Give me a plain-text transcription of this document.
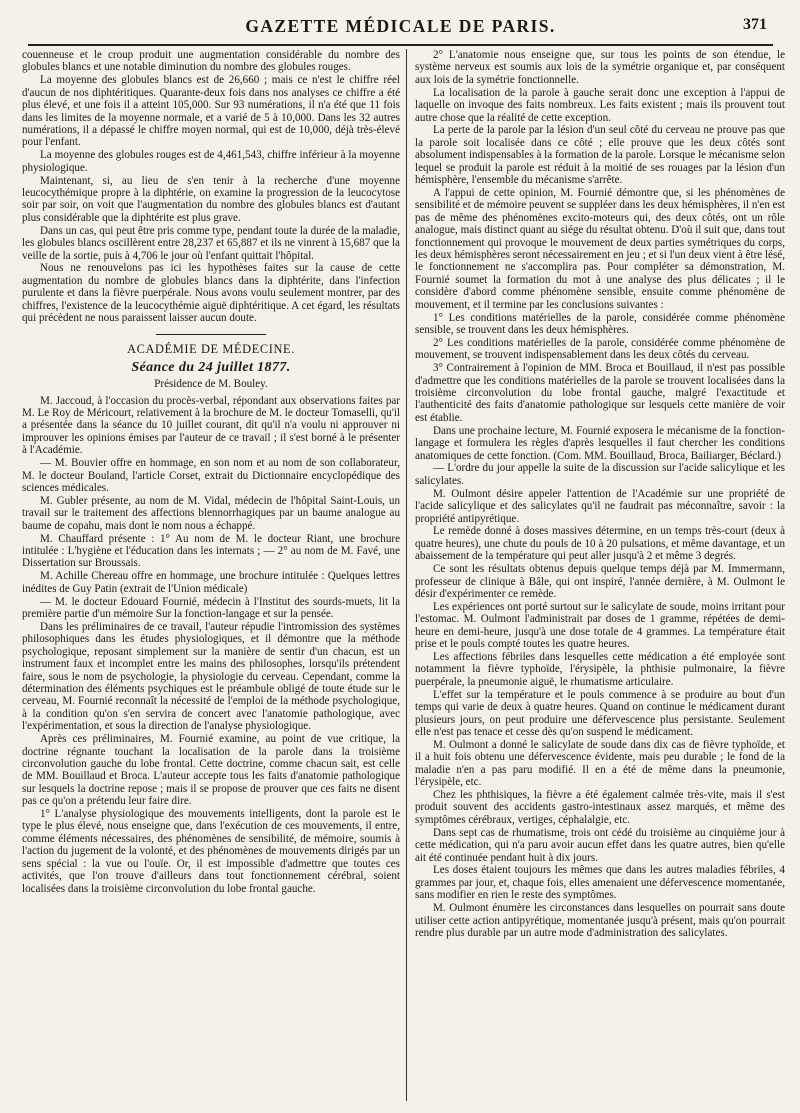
GAZETTE MÉDICALE DE PARIS.	371

couenneuse et le croup produit une augmentation considérable du nombre des globules blancs et une notable diminution du nombre des globules rouges.

La moyenne des globules blancs est de 26,660 ; mais ce n'est le chiffre réel d'aucun de nos diphtéritiques. Quarante-deux fois dans nos analyses ce chiffre a été plus élevé, et une fois il a atteint 105,000. Sur 93 numérations, il n'a été que 11 fois dans les limites de la moyenne normale, et a varié de 5 à 10,000. Dans les 32 autres numérations, il a dépassé le chiffre moyen normal, qui est de 10,000, déjà très-élevé pour l'enfant.

La moyenne des globules rouges est de 4,461,543, chiffre inférieur à la moyenne physiologique.

Maintenant, si, au lieu de s'en tenir à la recherche d'une moyenne leucocythémique propre à la diphtérie, on examine la progression de la leucocytose soir par soir, on voit que l'augmentation du nombre des globules blancs est d'autant plus considérable que la diphtérite est plus grave.

Dans un cas, qui peut être pris comme type, pendant toute la durée de la maladie, les globules blancs oscillèrent entre 28,237 et 65,887 et ils ne vinrent à 15,687 que la veille de la sortie, puis à 4,706 le jour où l'enfant quittait l'hôpital.

Nous ne renouvelons pas ici les hypothèses faites sur la cause de cette augmentation du nombre de globules blancs dans la diphtérite, dans l'infection purulente et dans la fièvre puerpérale. Nous avons voulu seulement montrer, par des chiffres, l'existence de la leucocythémie aiguë diphtéritique. A cet égard, les résultats qui précèdent ne nous paraissent laisser aucun doute.

ACADÉMIE DE MÉDECINE.
Séance du 24 juillet 1877.
Présidence de M. Bouley.

M. Jaccoud, à l'occasion du procès-verbal, répondant aux observations faites par M. Le Roy de Méricourt, relativement à la brochure de M. le docteur Tomaselli, qu'il a présentée dans la séance du 10 juillet courant, dit qu'il n'a voulu ni approuver ni improuver les opinions émises par l'auteur de ce travail ; il s'est borné à le présenter à l'Académie.

— M. Bouvier offre en hommage, en son nom et au nom de son collaborateur, M. le docteur Bouland, l'article Corset, extrait du Dictionnaire encyclopédique des sciences médicales.

M. Gubler présente, au nom de M. Vidal, médecin de l'hôpital Saint-Louis, un travail sur le traitement des affections blennorrhagiques par un baume analogue au baume de copahu, mais dont le nom nous a échappé.

M. Chauffard présente : 1° Au nom de M. le docteur Riant, une brochure intitulée : L'hygiène et l'éducation dans les internats ; — 2° au nom de M. Favé, une Dissertation sur Broussais.

M. Achille Chereau offre en hommage, une brochure intitulée : Quelques lettres inédites de Guy Patin (extrait de l'Union médicale)

— M. le docteur Edouard Fournié, médecin à l'Institut des sourds-muets, lit la première partie d'un mémoire Sur la fonction-langage et sur la pensée.

Dans les préliminaires de ce travail, l'auteur répudie l'intromission des systèmes philosophiques dans les études physiologiques, et il démontre que la méthode psychologique, reposant simplement sur la manière de sentir d'un chacun, est un instrument faux et incomplet entre les mains des philosophes, lorsqu'ils prétendent faire, sous le nom de psychologie, la physiologie du cerveau. Cependant, comme la détermination des éléments psychiques est le préambule obligé de toute étude sur le cerveau, M. Fournié reconnaît la nécessité de l'emploi de la méthode psychologique, à la condition qu'on s'en servira de concert avec l'anatomie pathologique, avec l'expérimentation, et sous la direction de l'analyse physiologique.

Après ces préliminaires, M. Fournié examine, au point de vue critique, la doctrine régnante touchant la localisation de la parole dans la troisième circonvolution gauche du lobe frontal. Cette doctrine, comme chacun sait, est celle de MM. Bouillaud et Broca. L'auteur accepte tous les faits d'anatomie pathologique sur lesquels la doctrine repose ; mais il se propose de prouver que ces faits ne disent pas ce qu'on a prétendu leur faire dire.

1° L'analyse physiologique des mouvements intelligents, dont la parole est le type le plus élevé, nous enseigne que, dans l'exécution de ces mouvements, il entre, comme éléments nécessaires, des phénomènes de sensibilité, de mémoire, soumis à l'action du jugement de la volonté, et des phénomènes de mouvements dirigés par un sens spécial : la vue ou l'ouïe. Or, il est impossible d'admettre que toutes ces activités, que l'on trouve d'ailleurs dans tout fonctionnement cérébral, soient localisées dans la troisième circonvolution du lobe frontal gauche.

2° L'anatomie nous enseigne que, sur tous les points de son étendue, le système nerveux est soumis aux lois de la symétrie organique et, par conséquent aux lois de la symétrie fonctionnelle.

La localisation de la parole à gauche serait donc une exception à l'appui de laquelle on invoque des faits nombreux. Les faits existent ; mais ils prouvent tout autre chose que la réalité de cette exception.

La perte de la parole par la lésion d'un seul côté du cerveau ne prouve pas que la parole soit localisée dans ce côté ; elle prouve que les deux côtés sont absolument indispensables à la formation de la parole. Lorsque le mécanisme selon lequel se produit la parole est réduit à la moitié de ses rouages par la lésion d'un hémisphère, l'ensemble du mécanisme s'arrête.

A l'appui de cette opinion, M. Fournié démontre que, si les phénomènes de sensibilité et de mémoire peuvent se suppléer dans les deux hémisphères, il n'en est pas de même des phénomènes excito-moteurs qui, des deux côtés, ont un rôle analogue, mais distinct quant au siége du résultat obtenu. D'où il suit que, dans tout fonctionnement qui provoque le mouvement de deux parties symétriques du corps, les deux hémisphères seront nécessairement en jeu ; et si l'un deux vient à être lésé, le fonctionnement ne s'accomplira pas. Pour compléter sa démonstration, M. Fournié soumet la formation du mot à une analyse des plus délicates ; il le considère d'abord comme phénomène sensible, ensuite comme phénomène de mouvement, et il termine par les conclusions suivantes :

1° Les conditions matérielles de la parole, considérée comme phénomène sensible, se trouvent dans les deux hémisphères.

2° Les conditions matérielles de la parole, considérée comme phénomène de mouvement, se trouvent indispensablement dans les deux côtés du cerveau.

3° Contrairement à l'opinion de MM. Broca et Bouillaud, il n'est pas possible d'admettre que les conditions matérielles de la parole se trouvent localisées dans la troisième circonvolution du lobe frontal gauche, malgré l'exactitude et l'authenticité des faits d'anatomie pathologique sur lesquels cette manière de voir est établie.

Dans une prochaine lecture, M. Fournié exposera le mécanisme de la fonction-langage et formulera les règles d'après lesquelles il faut chercher les conditions anatomiques de cette fonction. (Com. MM. Bouillaud, Broca, Bailiarger, Béclard.)

— L'ordre du jour appelle la suite de la discussion sur l'acide salicylique et les salicylates.

M. Oulmont désire appeler l'attention de l'Académie sur une propriété de l'acide salicylique et des salicylates qu'il ne faudrait pas méconnaître, savoir : la propriété antipyrétique.

Le remède donné à doses massives détermine, en un temps très-court (deux à quatre heures), une chute du pouls de 10 à 20 pulsations, et même davantage, et un abaissement de la température qui peut aller jusqu'à 2 et même 3 degrés.

Ce sont les résultats obtenus depuis quelque temps déjà par M. Immermann, professeur de clinique à Bâle, qui ont inspiré, l'année dernière, à M. Oulmont le désir d'expérimenter ce remède.

Les expériences ont porté surtout sur le salicylate de soude, moins irritant pour l'estomac. M. Oulmont l'administrait par doses de 1 gramme, répétées de demi-heure en demi-heure, jusqu'à une dose totale de 4 grammes. La température était prise et le pouls compté toutes les quatre heures.

Les affections fébriles dans lesquelles cette médication a été employée sont notamment la fièvre typhoïde, l'érysipèle, la phthisie pulmonaire, la fièvre puerpérale, la pneumonie aiguë, le rhumatisme articulaire.

L'effet sur la température et le pouls commence à se produire au bout d'un temps qui varie de deux à quatre heures. Quand on continue le médicament durant plusieurs jours, on peut produire une défervescence plus persistante. Seulement elle n'est pas tenace et cesse dès qu'on suspend le médicament.

M. Oulmont a donné le salicylate de soude dans dix cas de fièvre typhoïde, et il a huit fois obtenu une défervescence évidente, mais peu durable ; le fond de la maladie n'en a pas paru modifié. Il en a été de même dans la pneumonie, l'érysipèle, etc.

Chez les phthisiques, la fièvre a été également calmée très-vite, mais il s'est produit souvent des accidents gastro-intestinaux assez marqués, et même des symptômes cérébraux, vertiges, céphalalgie, etc.

Dans sept cas de rhumatisme, trois ont cédé du troisième au cinquième jour à cette médication, qui n'a paru avoir aucun effet dans les quatre autres, bien qu'elle ait été continuée pendant huit à dix jours.

Les doses étaient toujours les mêmes que dans les autres maladies fébriles, 4 grammes par jour, et, chaque fois, elles amenaient une défervescence momentanée, sans modifier en rien le reste des symptômes.

M. Oulmont énumère les circonstances dans lesquelles on pourrait sans doute utiliser cette action antipyrétique, momentanée jusqu'à présent, mais qu'on pourrait rendre plus durable par un autre mode d'administration des salicylates.
